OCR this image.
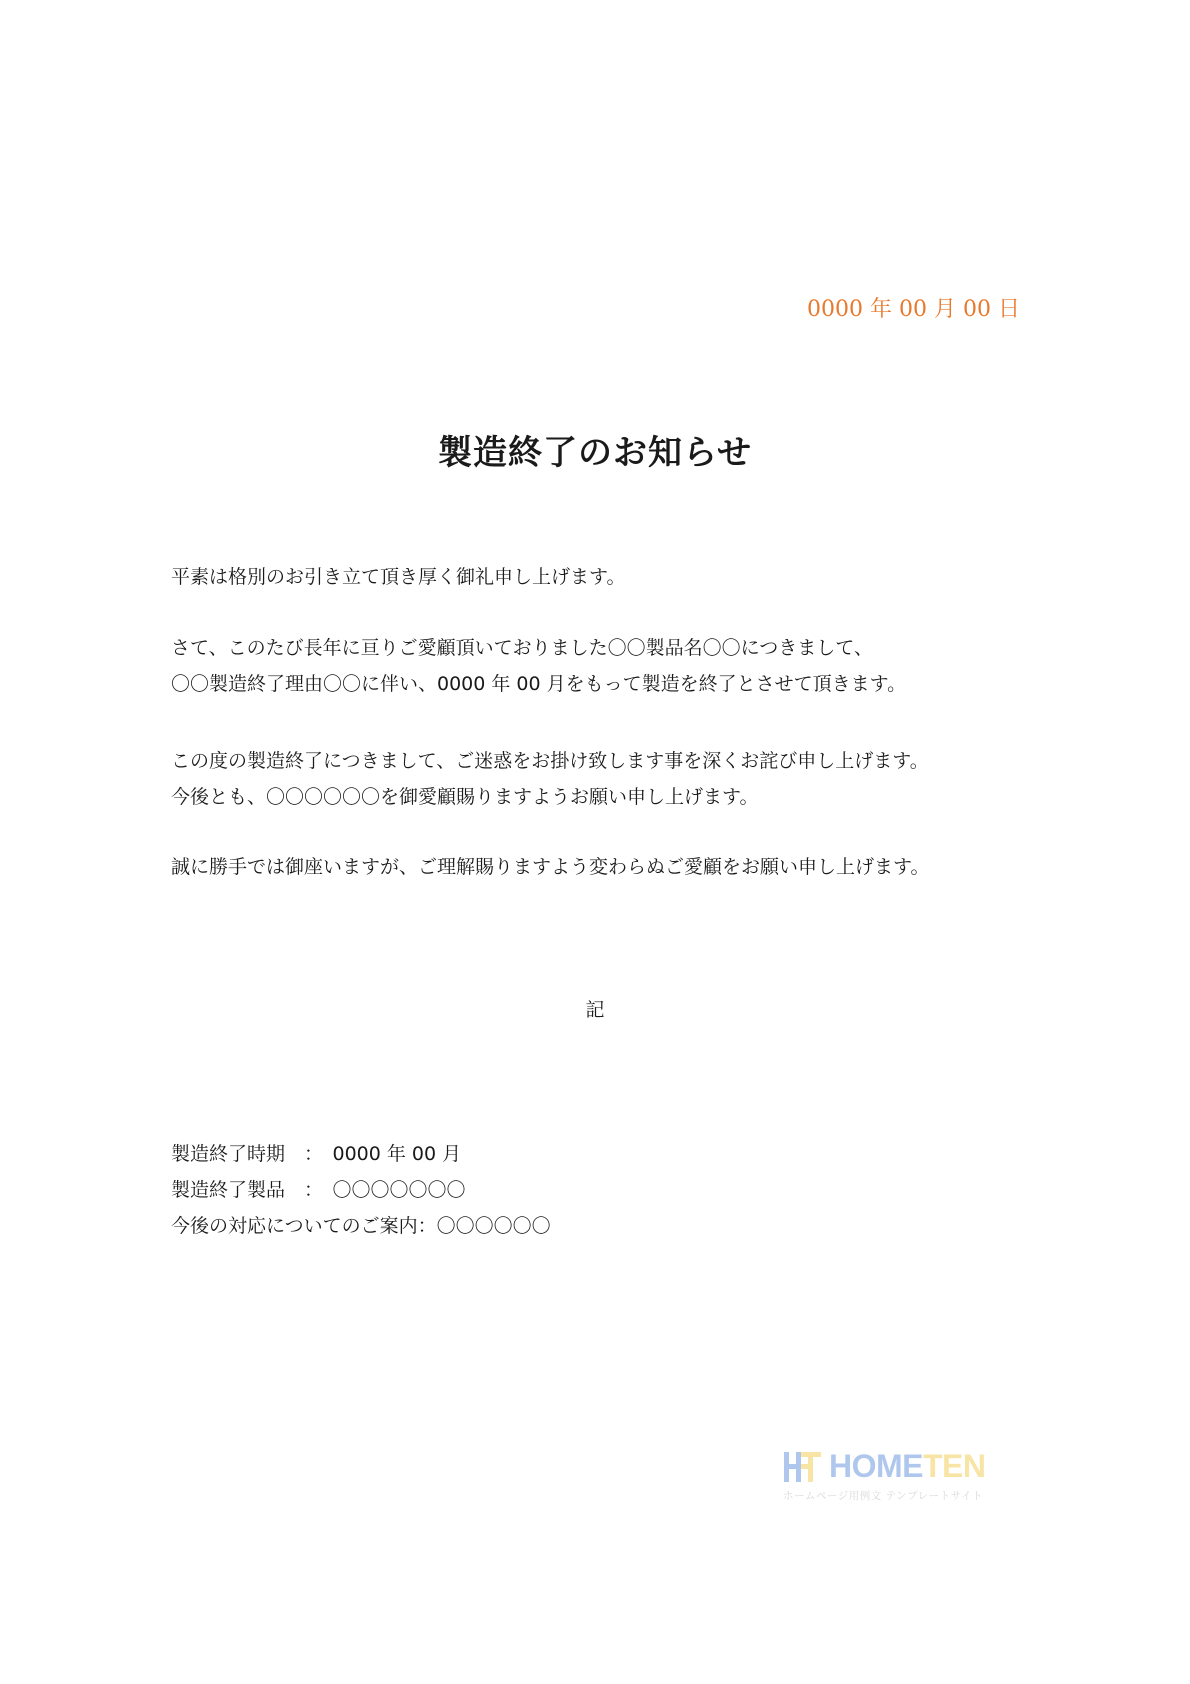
0000 年 00 月 00 日
製造終了のお知らせ
平素は格別のお引き立て頂き厚く御礼申し上げます。
さて、このたび長年に亘りご愛顧頂いておりました〇〇製品名〇〇につきまして、
〇〇製造終了理由〇〇に伴い、0000 年 00 月をもって製造を終了とさせて頂きます。
この度の製造終了につきまして、ご迷惑をお掛け致します事を深くお詫び申し上げます。
今後とも、〇〇〇〇〇〇を御愛顧賜りますようお願い申し上げます。
誠に勝手では御座いますが、ご理解賜りますよう変わらぬご愛顧をお願い申し上げます。
記
製造終了時期　：　0000 年 00 月
製造終了製品　：　〇〇〇〇〇〇〇
今後の対応についてのご案内：〇〇〇〇〇〇
HOME TEN
ホームページ用例文 テンプレートサイト
